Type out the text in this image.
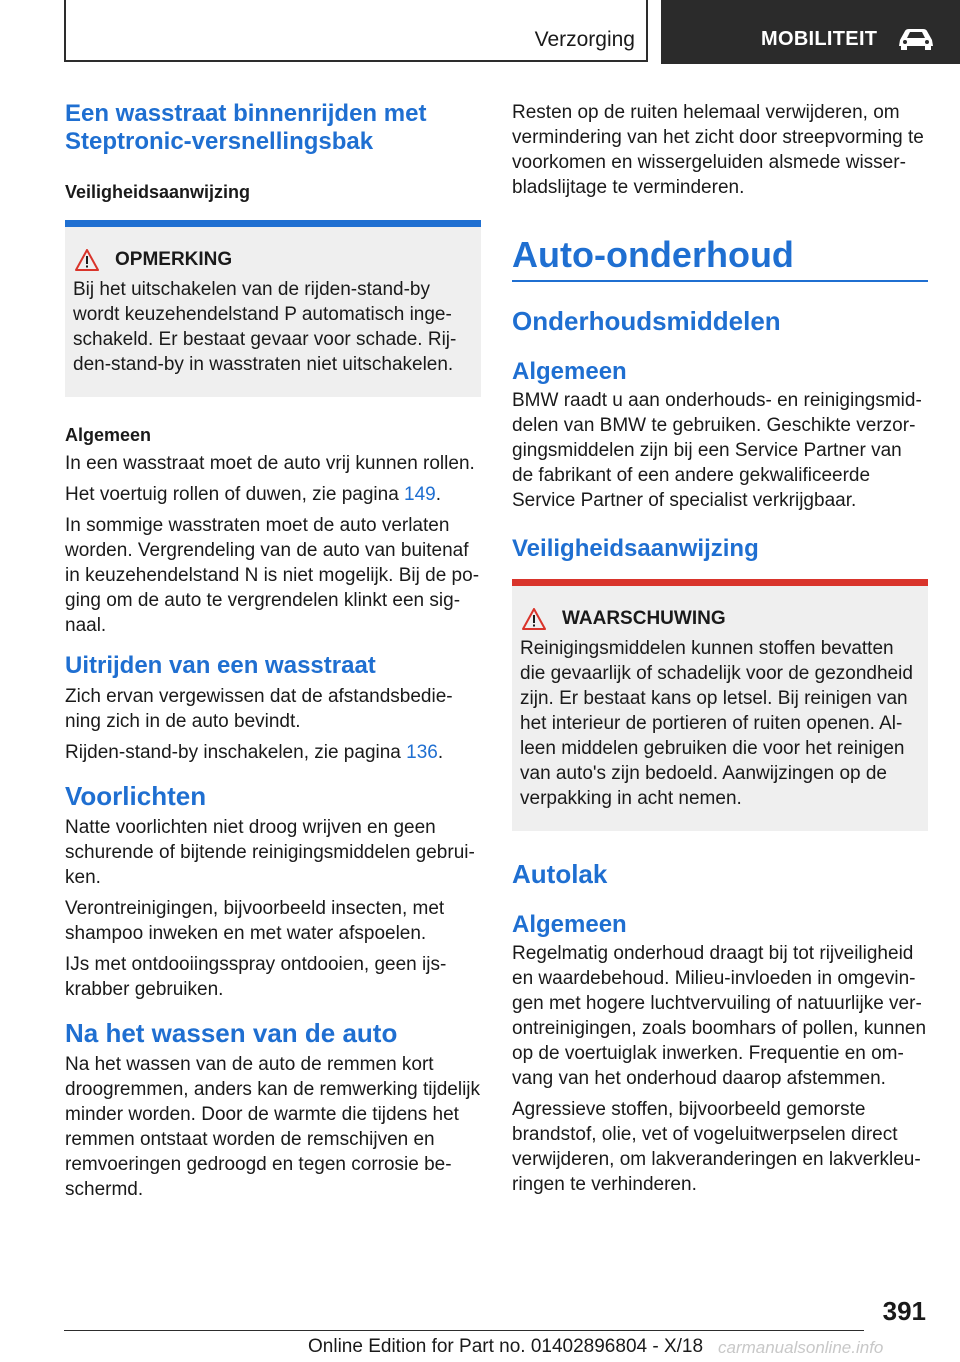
Verzorging	MOBILITEIT
Een wasstraat binnenrijden met Steptronic-versnellingsbak
Veiligheidsaanwijzing
OPMERKING

Bij het uitschakelen van de rijden-stand-by wordt keuzehendelstand P automatisch ingeschakeld. Er bestaat gevaar voor schade. Rijden-stand-by in wasstraten niet uitschakelen.

Algemeen

In een wasstraat moet de auto vrij kunnen rollen.

Het voertuig rollen of duwen, zie pagina 149.

In sommige wasstraten moet de auto verlaten worden. Vergrendeling van de auto van buitenaf in keuzehendelstand N is niet mogelijk. Bij de poging om de auto te vergrendelen klinkt een signaal.

Uitrijden van een wasstraat

Zich ervan vergewissen dat de afstandsbediening zich in de auto bevindt.

Rijden-stand-by inschakelen, zie pagina 136.

Voorlichten

Natte voorlichten niet droog wrijven en geen schurende of bijtende reinigingsmiddelen gebruiken.

Verontreinigingen, bijvoorbeeld insecten, met shampoo inweken en met water afspoelen.

IJs met ontdooiingsspray ontdooien, geen ijskrabber gebruiken.

Na het wassen van de auto

Na het wassen van de auto de remmen kort droogremmen, anders kan de remwerking tijdelijk minder worden. Door de warmte die tijdens het remmen ontstaat worden de remschijven en remvoeringen gedroogd en tegen corrosie beschermd.

Resten op de ruiten helemaal verwijderen, om vermindering van het zicht door streepvorming te voorkomen en wissergeluiden alsmede wisserbladslijtage te verminderen.

Auto-onderhoud
Onderhoudsmiddelen
Algemeen

BMW raadt u aan onderhouds- en reinigingsmiddelen van BMW te gebruiken. Geschikte verzorgingsmiddelen zijn bij een Service Partner van de fabrikant of een andere gekwalificeerde Service Partner of specialist verkrijgbaar.

Veiligheidsaanwijzing
WAARSCHUWING

Reinigingsmiddelen kunnen stoffen bevatten die gevaarlijk of schadelijk voor de gezondheid zijn. Er bestaat kans op letsel. Bij reinigen van het interieur de portieren of ruiten openen. Alleen middelen gebruiken die voor het reinigen van auto's zijn bedoeld. Aanwijzingen op de verpakking in acht nemen.

Autolak
Algemeen

Regelmatig onderhoud draagt bij tot rijveiligheid en waardebehoud. Milieu-invloeden in omgevingen met hogere luchtvervuiling of natuurlijke verontreinigingen, zoals boomhars of pollen, kunnen op de voertuiglak inwerken. Frequentie en omvang van het onderhoud daarop afstemmen.

Agressieve stoffen, bijvoorbeeld gemorste brandstof, olie, vet of vogeluitwerpselen direct verwijderen, om lakveranderingen en lakverkleuringen te verhinderen.

391
Online Edition for Part no. 01402896804 - X/18 carmanualsonline.info
